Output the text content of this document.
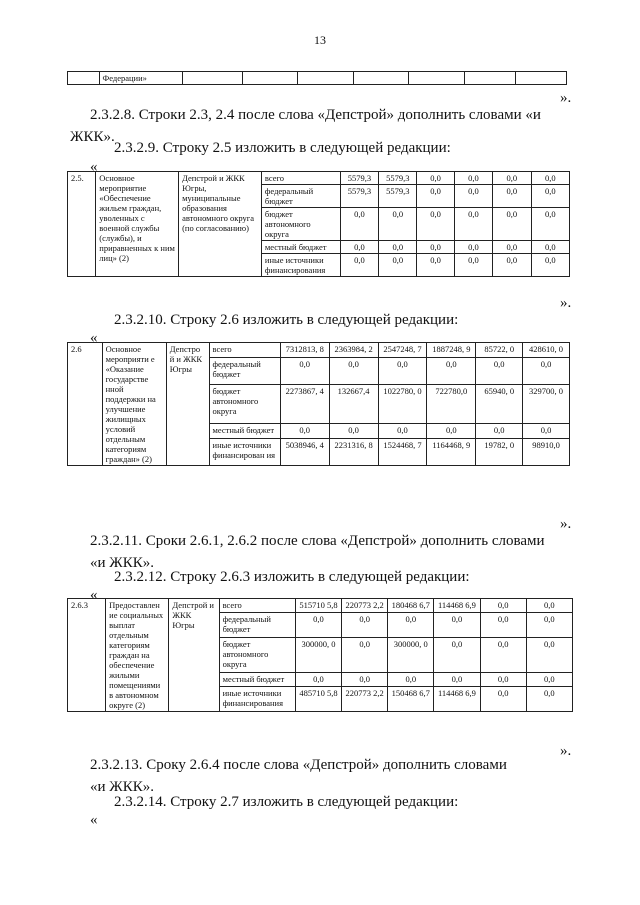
13
	Федерации»							
».
2.3.2.8. Строки 2.3, 2.4 после слова «Депстрой» дополнить словами «и
ЖКК».
2.3.2.9. Строку 2.5 изложить в следующей редакции:
«
2.5.	Основное мероприятие «Обеспечение жильем граждан, уволенных с военной службы (службы), и приравненных к ним лиц» (2)	Депстрой и ЖКК Югры, муниципальные образования автономного округа (по согласованию)	всего	5579,3	5579,3	0,0	0,0	0,0	0,0
			федеральный бюджет	5579,3	5579,3	0,0	0,0	0,0	0,0
			бюджет автономного округа	0,0	0,0	0,0	0,0	0,0	0,0
			местный бюджет	0,0	0,0	0,0	0,0	0,0	0,0
			иные источники финансирования	0,0	0,0	0,0	0,0	0,0	0,0
».
2.3.2.10. Строку 2.6 изложить в следующей редакции:
«
2.6	Основное мероприяти е «Оказание государстве нной поддержки на улучшение жилищных условий отдельным категориям граждан» (2)	Депстро й и ЖКК Югры	всего	7312813, 8	2363984, 2	2547248, 7	1887248, 9	85722, 0	428610, 0
			федеральный бюджет	0,0	0,0	0,0	0,0	0,0	0,0
			бюджет автономного округа	2273867, 4	132667,4	1022780, 0	722780,0	65940, 0	329700, 0
			местный бюджет	0,0	0,0	0,0	0,0	0,0	0,0
			иные источники финансирован ия	5038946, 4	2231316, 8	1524468, 7	1164468, 9	19782, 0	98910,0
».
2.3.2.11. Сроки 2.6.1, 2.6.2 после слова «Депстрой» дополнить словами
«и ЖКК».
2.3.2.12. Строку 2.6.3 изложить в следующей редакции:
«
2.6.3	Предоставлен ие социальных выплат отдельным категориям граждан на обеспечение жилыми помещениями в автономном округе (2)	Депстрой и ЖКК Югры	всего	515710 5,8	220773 2,2	180468 6,7	114468 6,9	0,0	0,0
			федеральный бюджет	0,0	0,0	0,0	0,0	0,0	0,0
			бюджет автономного округа	300000, 0	0,0	300000, 0	0,0	0,0	0,0
			местный бюджет	0,0	0,0	0,0	0,0	0,0	0,0
			иные источники финансирования	485710 5,8	220773 2,2	150468 6,7	114468 6,9	0,0	0,0
».
2.3.2.13. Сроку 2.6.4 после слова «Депстрой» дополнить словами
«и ЖКК».
2.3.2.14. Строку 2.7 изложить в следующей редакции:
«
